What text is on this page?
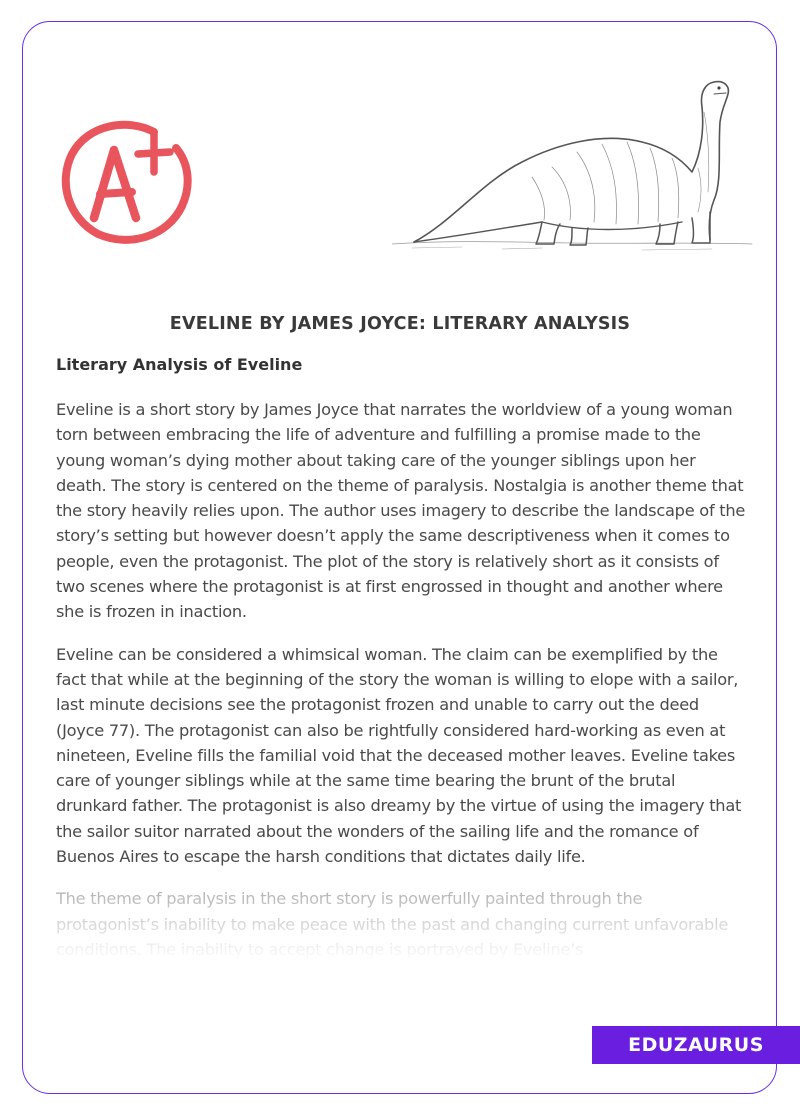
EVELINE BY JAMES JOYCE: LITERARY ANALYSIS
Literary Analysis of Eveline

Eveline is a short story by James Joyce that narrates the worldview of a young woman torn between embracing the life of adventure and fulfilling a promise made to the young woman’s dying mother about taking care of the younger siblings upon her death. The story is centered on the theme of paralysis. Nostalgia is another theme that the story heavily relies upon. The author uses imagery to describe the landscape of the story’s setting but however doesn’t apply the same descriptiveness when it comes to people, even the protagonist. The plot of the story is relatively short as it consists of two scenes where the protagonist is at first engrossed in thought and another where she is frozen in inaction.

Eveline can be considered a whimsical woman. The claim can be exemplified by the fact that while at the beginning of the story the woman is willing to elope with a sailor, last minute decisions see the protagonist frozen and unable to carry out the deed (Joyce 77). The protagonist can also be rightfully considered hard-working as even at nineteen, Eveline fills the familial void that the deceased mother leaves. Eveline takes care of younger siblings while at the same time bearing the brunt of the brutal drunkard father. The protagonist is also dreamy by the virtue of using the imagery that the sailor suitor narrated about the wonders of the sailing life and the romance of Buenos Aires to escape the harsh conditions that dictates daily life.

EDUZAURUS
